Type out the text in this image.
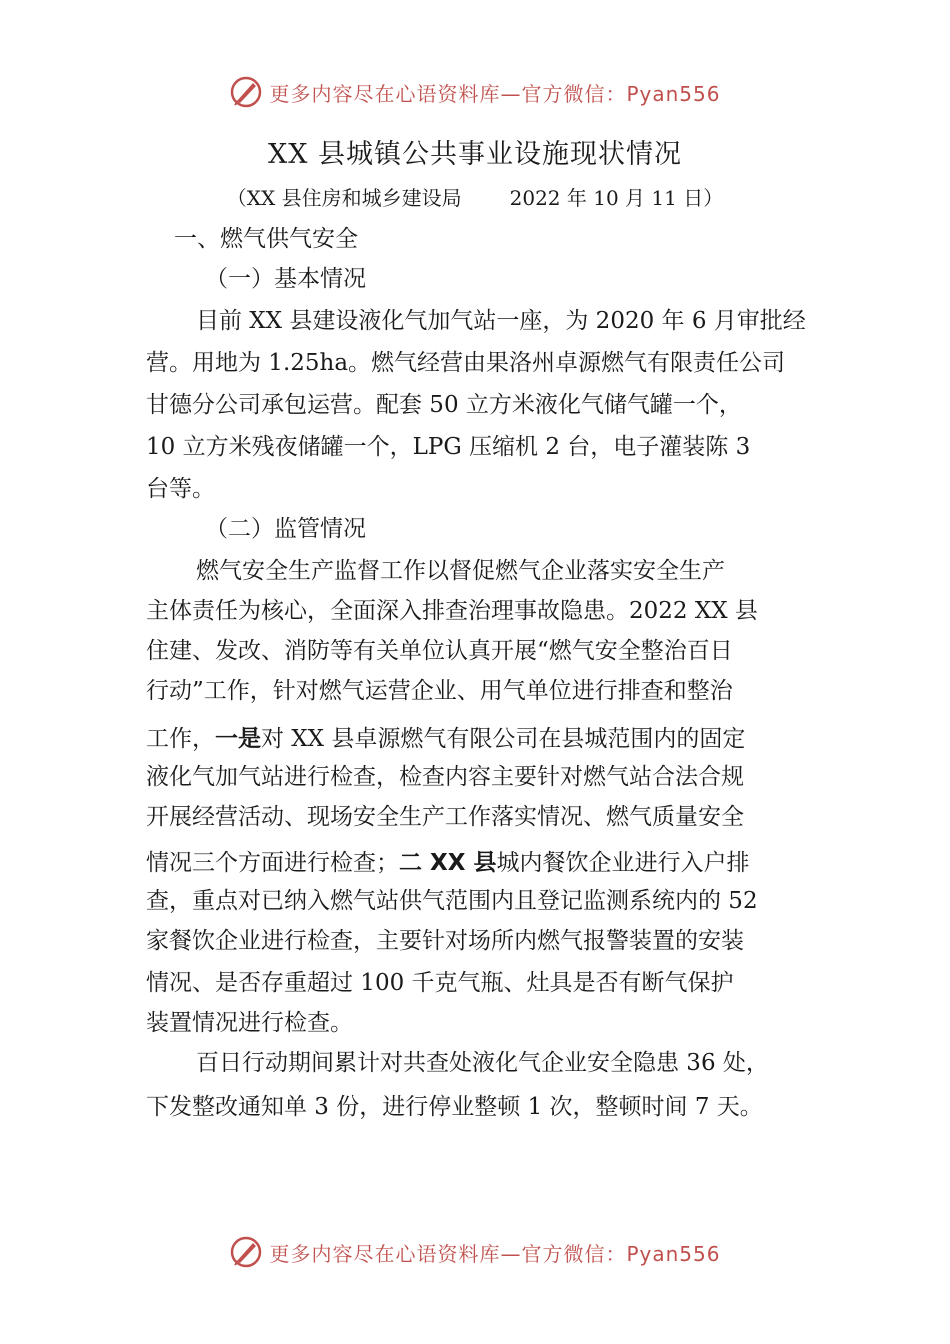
更多内容尽在心语资料库—官方微信：Pyan556
XX 县城镇公共事业设施现状情况
（XX 县住房和城乡建设局 2022 年 10 月 11 日）
一、燃气供气安全
（一）基本情况
目前 XX 县建设液化气加气站一座，为 2020 年 6 月审批经
营。用地为 1.25ha。燃气经营由果洛州卓源燃气有限责任公司
甘德分公司承包运营。配套 50 立方米液化气储气罐一个，
10 立方米残夜储罐一个，LPG 压缩机 2 台，电子灌装陈 3
台等。
（二）监管情况
燃气安全生产监督工作以督促燃气企业落实安全生产
主体责任为核心，全面深入排查治理事故隐患。2022 XX 县
住建、发改、消防等有关单位认真开展“燃气安全整治百日
行动”工作，针对燃气运营企业、用气单位进行排查和整治
工作，一是对 XX 县卓源燃气有限公司在县城范围内的固定
液化气加气站进行检查，检查内容主要针对燃气站合法合规
开展经营活动、现场安全生产工作落实情况、燃气质量安全
情况三个方面进行检查；二 XX 县城内餐饮企业进行入户排
查，重点对已纳入燃气站供气范围内且登记监测系统内的 52
家餐饮企业进行检查，主要针对场所内燃气报警装置的安装
情况、是否存重超过 100 千克气瓶、灶具是否有断气保护
装置情况进行检查。
百日行动期间累计对共查处液化气企业安全隐患 36 处，
下发整改通知单 3 份，进行停业整顿 1 次，整顿时间 7 天。
更多内容尽在心语资料库—官方微信：Pyan556
